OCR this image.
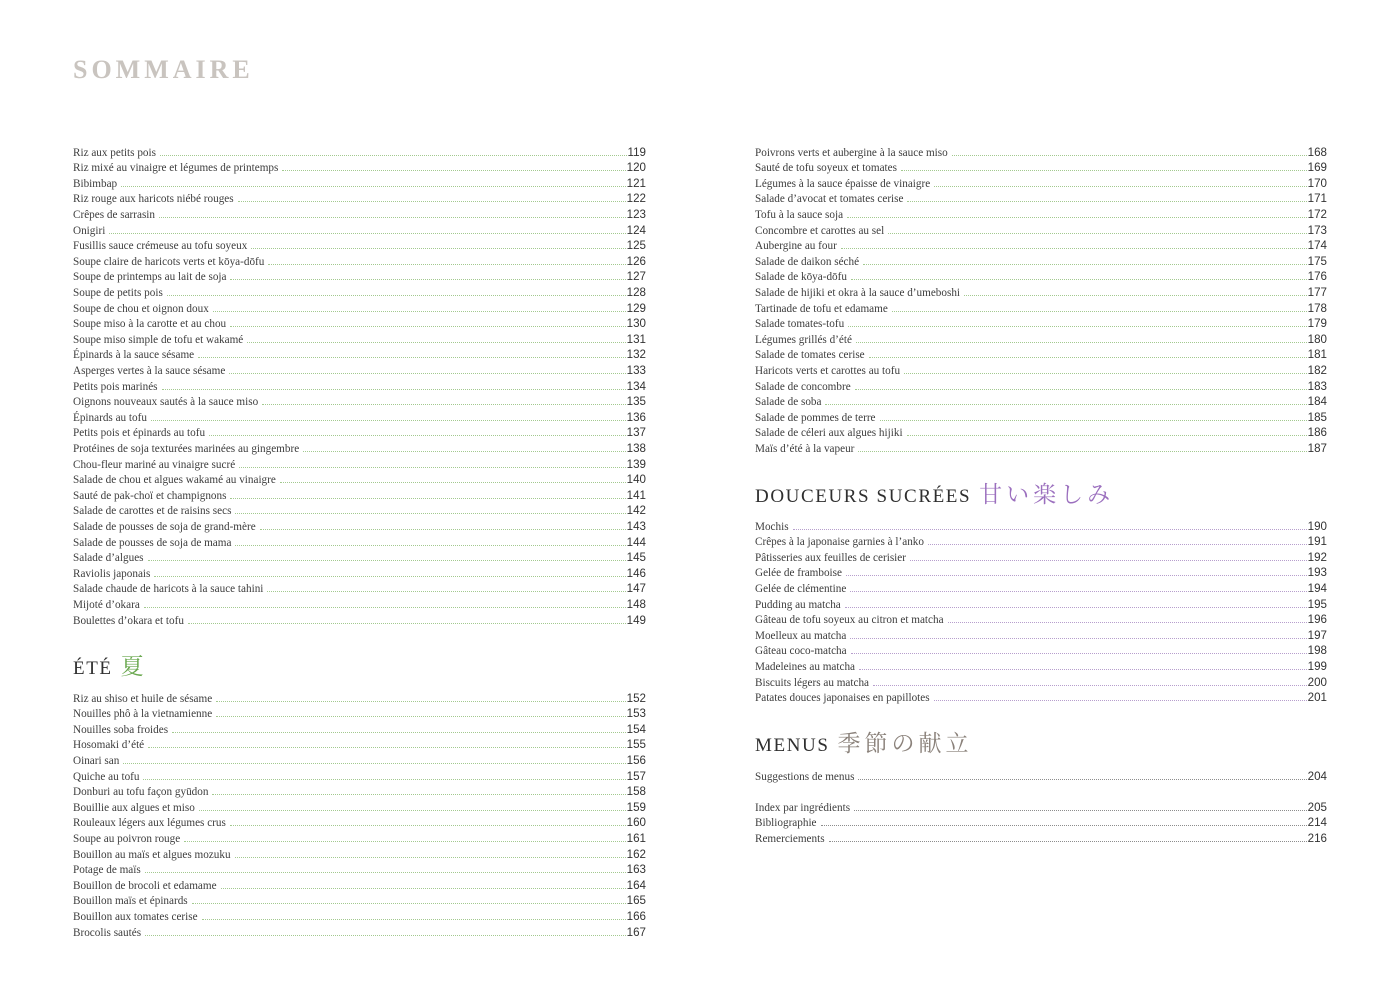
SOMMAIRE
Riz aux petits pois	119
Riz mixé au vinaigre et légumes de printemps	120
Bibimbap	121
Riz rouge aux haricots niébé rouges	122
Crêpes de sarrasin	123
Onigiri	124
Fusillis sauce crémeuse au tofu soyeux	125
Soupe claire de haricots verts et kōya-dōfu	126
Soupe de printemps au lait de soja	127
Soupe de petits pois	128
Soupe de chou et oignon doux	129
Soupe miso à la carotte et au chou	130
Soupe miso simple de tofu et wakamé	131
Épinards à la sauce sésame	132
Asperges vertes à la sauce sésame	133
Petits pois marinés	134
Oignons nouveaux sautés à la sauce miso	135
Épinards au tofu	136
Petits pois et épinards au tofu	137
Protéines de soja texturées marinées au gingembre	138
Chou-fleur mariné au vinaigre sucré	139
Salade de chou et algues wakamé au vinaigre	140
Sauté de pak-choï et champignons	141
Salade de carottes et de raisins secs	142
Salade de pousses de soja de grand-mère	143
Salade de pousses de soja de mama	144
Salade d’algues	145
Raviolis japonais	146
Salade chaude de haricots à la sauce tahini	147
Mijoté d’okara	148
Boulettes d’okara et tofu	149
ÉTÉ 夏
Riz au shiso et huile de sésame	152
Nouilles phô à la vietnamienne	153
Nouilles soba froides	154
Hosomaki d’été	155
Oinari san	156
Quiche au tofu	157
Donburi au tofu façon gyūdon	158
Bouillie aux algues et miso	159
Rouleaux légers aux légumes crus	160
Soupe au poivron rouge	161
Bouillon au maïs et algues mozuku	162
Potage de maïs	163
Bouillon de brocoli et edamame	164
Bouillon maïs et épinards	165
Bouillon aux tomates cerise	166
Brocolis sautés	167
Poivrons verts et aubergine à la sauce miso	168
Sauté de tofu soyeux et tomates	169
Légumes à la sauce épaisse de vinaigre	170
Salade d’avocat et tomates cerise	171
Tofu à la sauce soja	172
Concombre et carottes au sel	173
Aubergine au four	174
Salade de daikon séché	175
Salade de kōya-dōfu	176
Salade de hijiki et okra à la sauce d’umeboshi	177
Tartinade de tofu et edamame	178
Salade tomates-tofu	179
Légumes grillés d’été	180
Salade de tomates cerise	181
Haricots verts et carottes au tofu	182
Salade de concombre	183
Salade de soba	184
Salade de pommes de terre	185
Salade de céleri aux algues hijiki	186
Maïs d’été à la vapeur	187
DOUCEURS SUCRÉES 甘い楽しみ
Mochis	190
Crêpes à la japonaise garnies à l’anko	191
Pâtisseries aux feuilles de cerisier	192
Gelée de framboise	193
Gelée de clémentine	194
Pudding au matcha	195
Gâteau de tofu soyeux au citron et matcha	196
Moelleux au matcha	197
Gâteau coco-matcha	198
Madeleines au matcha	199
Biscuits légers au matcha	200
Patates douces japonaises en papillotes	201
MENUS 季節の献立
Suggestions de menus	204
Index par ingrédients	205
Bibliographie	214
Remerciements	216
